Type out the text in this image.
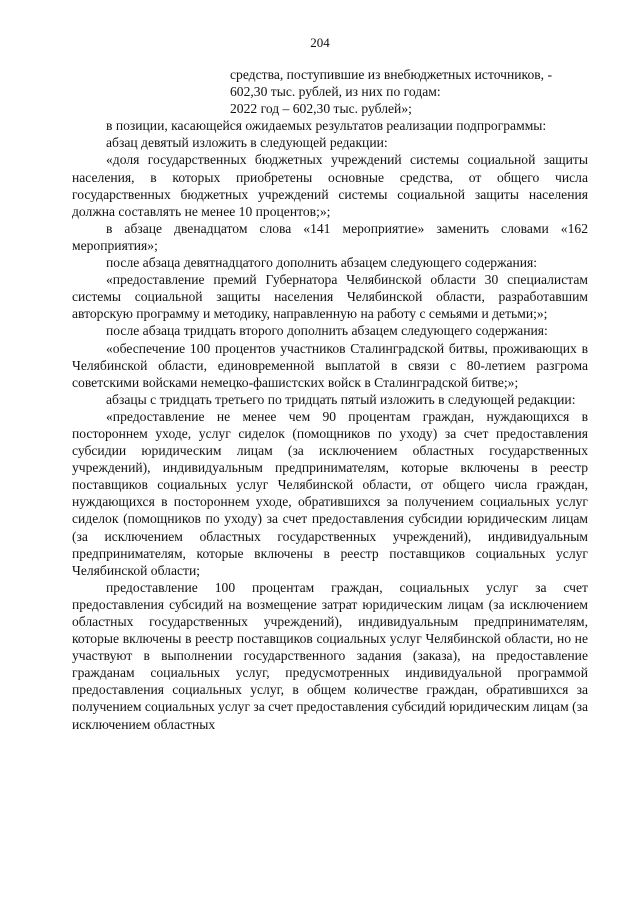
204

средства, поступившие из внебюджетных источников, -

602,30 тыс. рублей, из них по годам:

2022 год – 602,30 тыс. рублей»;

в позиции, касающейся ожидаемых результатов реализации подпрограммы:

абзац девятый изложить в следующей редакции:

«доля государственных бюджетных учреждений системы социальной защиты населения, в которых приобретены основные средства, от общего числа государственных бюджетных учреждений системы социальной защиты населения должна составлять не менее 10 процентов;»;

в абзаце двенадцатом слова «141 мероприятие» заменить словами «162 мероприятия»;

после абзаца девятнадцатого дополнить абзацем следующего содержания:

«предоставление премий Губернатора Челябинской области 30 специалистам системы социальной защиты населения Челябинской области, разработавшим авторскую программу и методику, направленную на работу с семьями и детьми;»;

после абзаца тридцать второго дополнить абзацем следующего содержания:

«обеспечение 100 процентов участников Сталинградской битвы, проживающих в Челябинской области, единовременной выплатой в связи с 80-летием разгрома советскими войсками немецко-фашистских войск в Сталинградской битве;»;

абзацы с тридцать третьего по тридцать пятый изложить в следующей редакции:

«предоставление не менее чем 90 процентам граждан, нуждающихся в постороннем уходе, услуг сиделок (помощников по уходу) за счет предоставления субсидии юридическим лицам (за исключением областных государственных учреждений), индивидуальным предпринимателям, которые включены в реестр поставщиков социальных услуг Челябинской области, от общего числа граждан, нуждающихся в постороннем уходе, обратившихся за получением социальных услуг сиделок (помощников по уходу) за счет предоставления субсидии юридическим лицам (за исключением областных государственных учреждений), индивидуальным предпринимателям, которые включены в реестр поставщиков социальных услуг Челябинской области;

предоставление 100 процентам граждан, социальных услуг за счет предоставления субсидий на возмещение затрат юридическим лицам (за исключением областных государственных учреждений), индивидуальным предпринимателям, которые включены в реестр поставщиков социальных услуг Челябинской области, но не участвуют в выполнении государственного задания (заказа), на предоставление гражданам социальных услуг, предусмотренных индивидуальной программой предоставления социальных услуг, в общем количестве граждан, обратившихся за получением социальных услуг за счет предоставления субсидий юридическим лицам (за исключением областных
